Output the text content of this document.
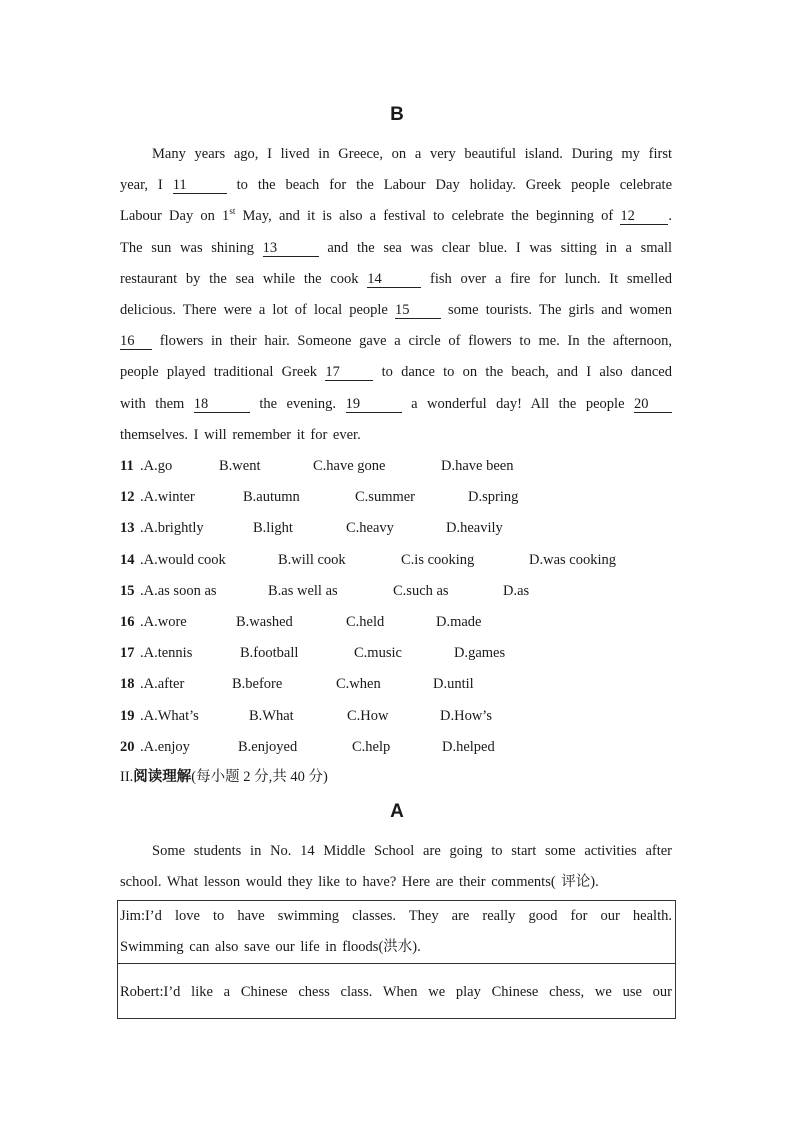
B
Many years ago, I lived in Greece, on a very beautiful island. During my first
year, I 11	to the beach for the Labour Day holiday. Greek people celebrate
Labour Day on 1st May, and it is also a festival to celebrate the beginning of 12 .
The sun was shining 13	and the sea was clear blue. I was sitting in a small
restaurant by the sea while the cook 14	fish over a fire for lunch. It smelled
delicious. There were a lot of local people 15	some tourists. The girls and women
16 flowers in their hair. Someone gave a circle of flowers to me. In the afternoon,
people played traditional Greek 17	to dance to on the beach, and I also danced
with them 18	the evening. 19	a wonderful day! All the people 20
themselves. I will remember it for ever.
11 .A.go	B.went	C.have gone	D.have been
12 .A.winter	B.autumn	C.summer	D.spring
13 .A.brightly	B.light	C.heavy	D.heavily
14 .A.would cook	B.will cook	C.is cooking	D.was cooking
15 .A.as soon as	B.as well as	C.such as	D.as
16 .A.wore	B.washed	C.held	D.made
17 .A.tennis	B.football	C.music	D.games
18 .A.after	B.before	C.when	D.until
19 .A.What’s	B.What	C.How	D.How’s
20 .A.enjoy	B.enjoyed	C.help	D.helped
II.阅读理解(每小题 2 分,共 40 分)
A
Some students in No. 14 Middle School are going to start some activities after
school. What lesson would they like to have? Here are their comments( 评论).
Jim:I’d love to have swimming classes. They are really good for our health.
Swimming can also save our life in floods(洪水).
Robert:I’d like a Chinese chess class. When we play Chinese chess, we use our
